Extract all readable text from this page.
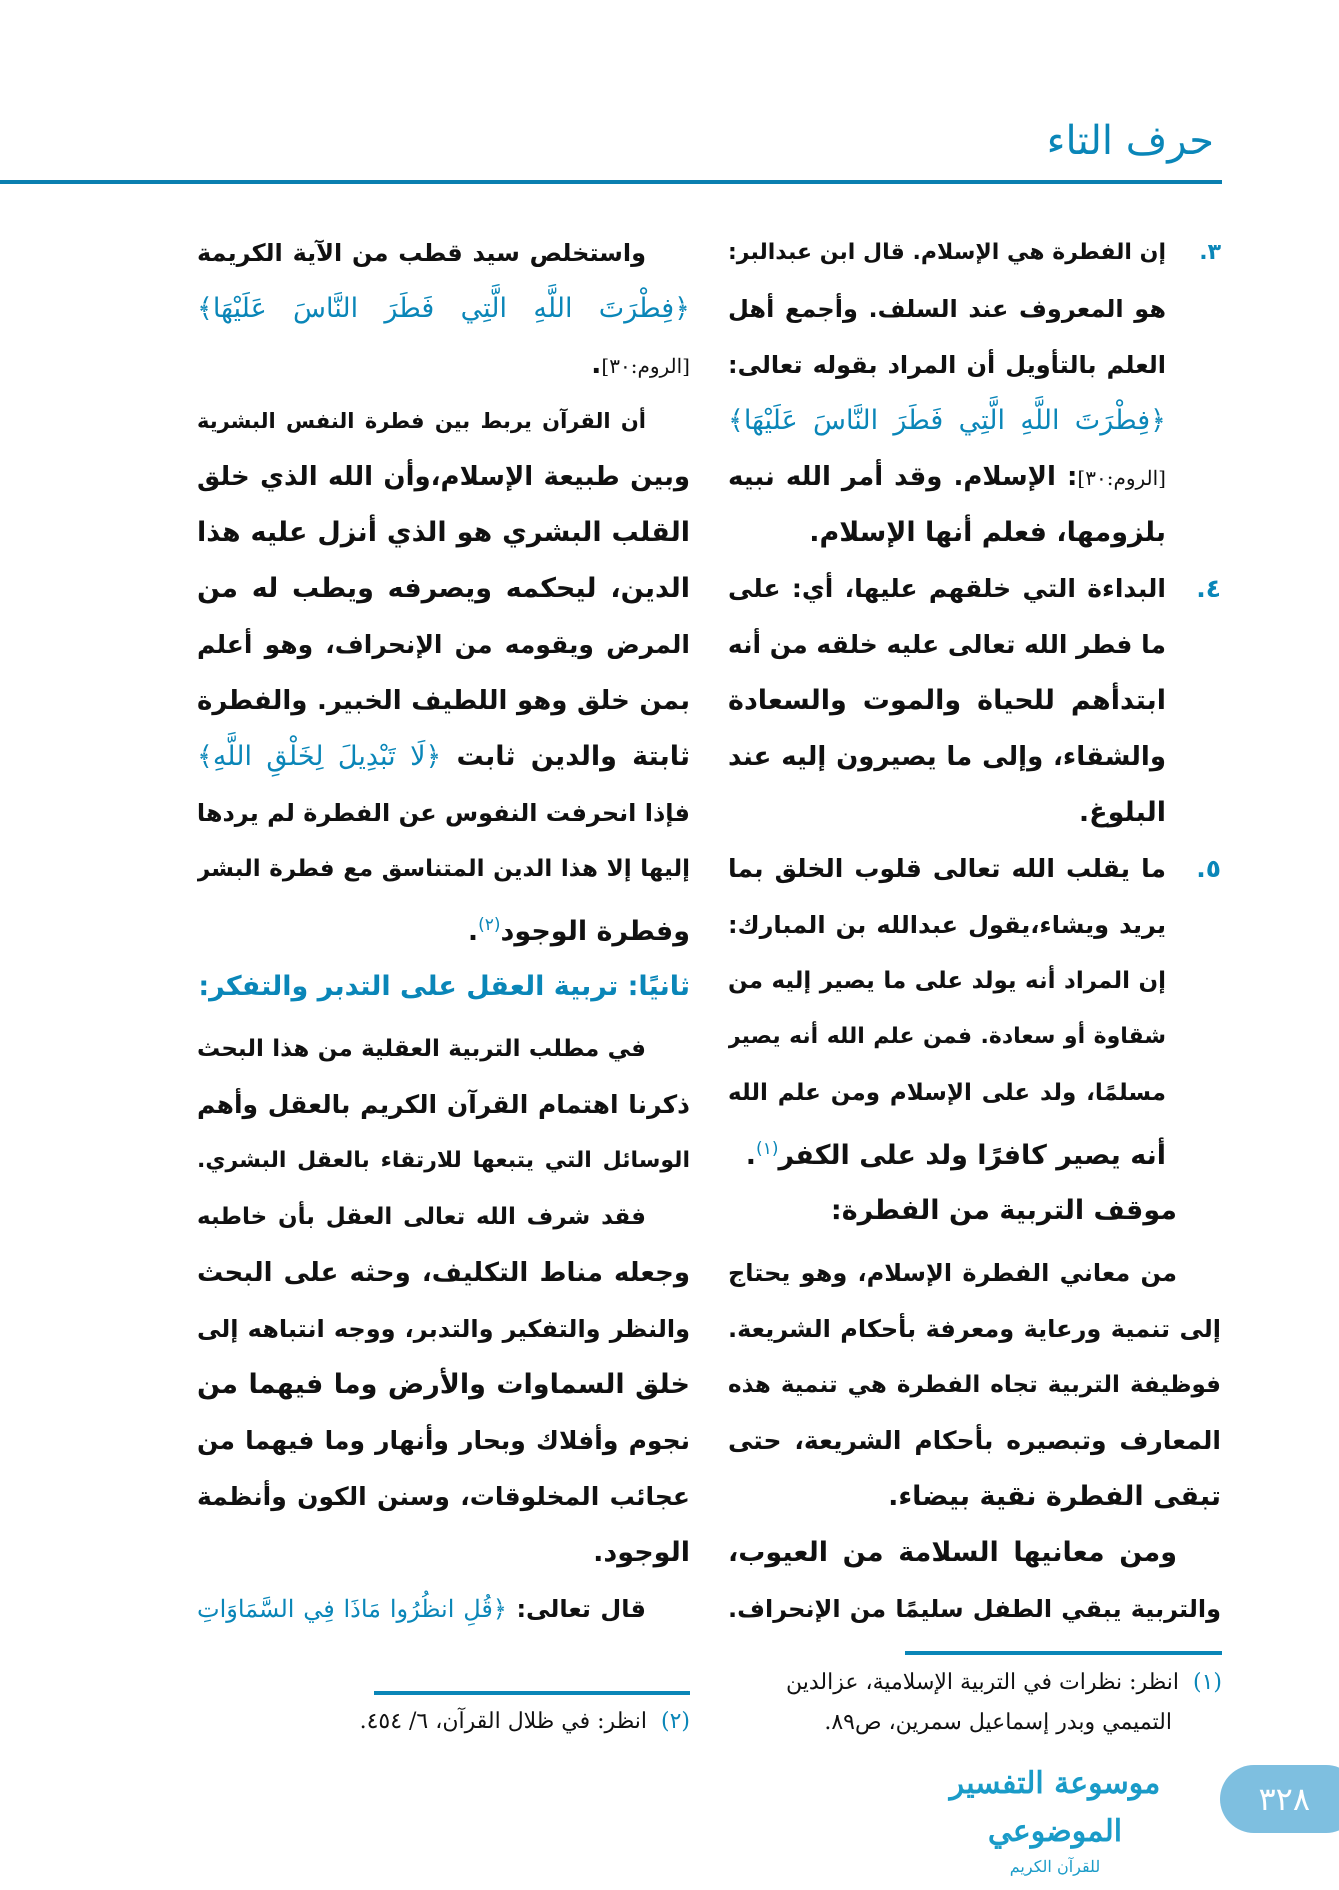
حرف التاء
٣.
إن الفطرة هي الإسلام. قال ابن عبدالبر:
هو المعروف عند السلف. وأجمع أهل
العلم بالتأويل أن المراد بقوله تعالى:
﴿فِطْرَتَ اللَّهِ الَّتِي فَطَرَ النَّاسَ عَلَيْهَا﴾
[الروم:٣٠]: الإسلام. وقد أمر الله نبيه
بلزومها، فعلم أنها الإسلام.
٤.
البداءة التي خلقهم عليها، أي: على
ما فطر الله تعالى عليه خلقه من أنه
ابتدأهم للحياة والموت والسعادة
والشقاء، وإلى ما يصيرون إليه عند
البلوغ.
٥.
ما يقلب الله تعالى قلوب الخلق بما
يريد ويشاء،يقول عبدالله بن المبارك:
إن المراد أنه يولد على ما يصير إليه من
شقاوة أو سعادة. فمن علم الله أنه يصير
مسلمًا، ولد على الإسلام ومن علم الله
أنه يصير كافرًا ولد على الكفر$^{(١)}$.
موقف التربية من الفطرة:
من معاني الفطرة الإسلام، وهو يحتاج
إلى تنمية ورعاية ومعرفة بأحكام الشريعة.
فوظيفة التربية تجاه الفطرة هي تنمية هذه
المعارف وتبصيره بأحكام الشريعة، حتى
تبقى الفطرة نقية بيضاء.
ومن معانيها السلامة من العيوب،
والتربية يبقي الطفل سليمًا من الإنحراف.
واستخلص سيد قطب من الآية الكريمة
﴿فِطْرَتَ اللَّهِ الَّتِي فَطَرَ النَّاسَ عَلَيْهَا﴾
[الروم:٣٠].
أن القرآن يربط بين فطرة النفس البشرية
وبين طبيعة الإسلام،وأن الله الذي خلق
القلب البشري هو الذي أنزل عليه هذا
الدين، ليحكمه ويصرفه ويطب له من
المرض ويقومه من الإنحراف، وهو أعلم
بمن خلق وهو اللطيف الخبير. والفطرة
ثابتة والدين ثابت ﴿لَا تَبْدِيلَ لِخَلْقِ اللَّهِ﴾
فإذا انحرفت النفوس عن الفطرة لم يردها
إليها إلا هذا الدين المتناسق مع فطرة البشر
وفطرة الوجود$^{(٢)}$.
ثانيًا: تربية العقل على التدبر والتفكر:
في مطلب التربية العقلية من هذا البحث
ذكرنا اهتمام القرآن الكريم بالعقل وأهم
الوسائل التي يتبعها للارتقاء بالعقل البشري.
فقد شرف الله تعالى العقل بأن خاطبه
وجعله مناط التكليف، وحثه على البحث
والنظر والتفكير والتدبر، ووجه انتباهه إلى
خلق السماوات والأرض وما فيهما من
نجوم وأفلاك وبحار وأنهار وما فيهما من
عجائب المخلوقات، وسنن الكون وأنظمة
الوجود.
قال تعالى: ﴿قُلِ انظُرُوا مَاذَا فِي السَّمَاوَاتِ
(١)انظر: نظرات في التربية الإسلامية، عزالدين
التميمي وبدر إسماعيل سمرين، ص٨٩.
(٢)انظر: في ظلال القرآن، ٦/ ٤٥٤.
موسوعة التفسير الموضوعي
للقرآن الكريم
٣٢٨
